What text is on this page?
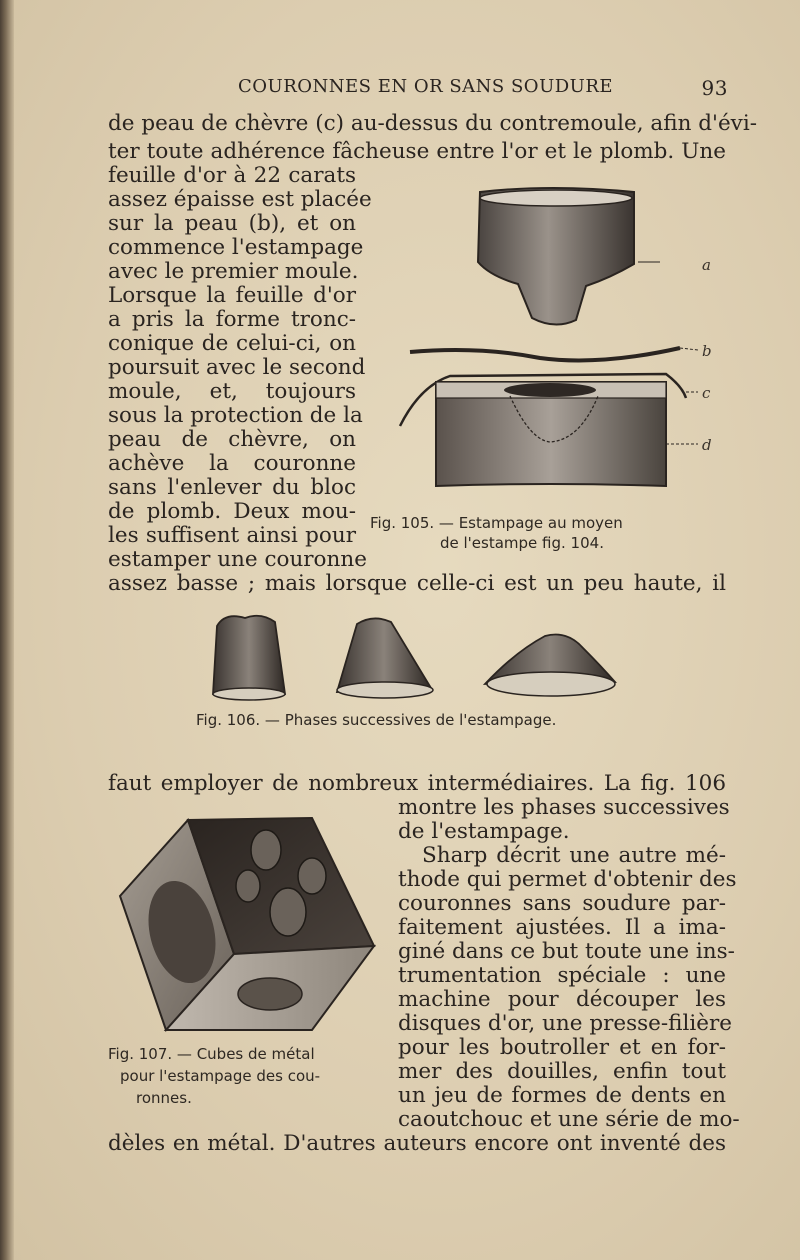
COURONNES EN OR SANS SOUDURE	93
de peau de chèvre (c) au-dessus du contremoule, afin d'évi-
ter toute adhérence fâcheuse entre l'or et le plomb. Une
feuille d'or à 22 carats
assez épaisse est placée
sur la peau (b), et on
commence l'estampage
avec le premier moule.
Lorsque la feuille d'or
a pris la forme tronc-
conique de celui-ci, on
poursuit avec le second
moule, et, toujours
sous la protection de la
peau de chèvre, on
achève la couronne
sans l'enlever du bloc
de plomb. Deux mou-
les suffisent ainsi pour
estamper une couronne
assez basse ; mais lorsque celle-ci est un peu haute, il
a
b
c
d
Fig. 105. — Estampage au moyen
de l'estampe fig. 104.
Fig. 106. — Phases successives de l'estampage.
faut employer de nombreux intermédiaires. La fig. 106
montre les phases successives
de l'estampage.
Sharp décrit une autre mé-
thode qui permet d'obtenir des
couronnes sans soudure par-
faitement ajustées. Il a ima-
giné dans ce but toute une ins-
trumentation spéciale : une
machine pour découper les
disques d'or, une presse-filière
pour les boutroller et en for-
mer des douilles, enfin tout
un jeu de formes de dents en
caoutchouc et une série de mo-
Fig. 107. — Cubes de métal
pour l'estampage des cou-
ronnes.
dèles en métal. D'autres auteurs encore ont inventé des
